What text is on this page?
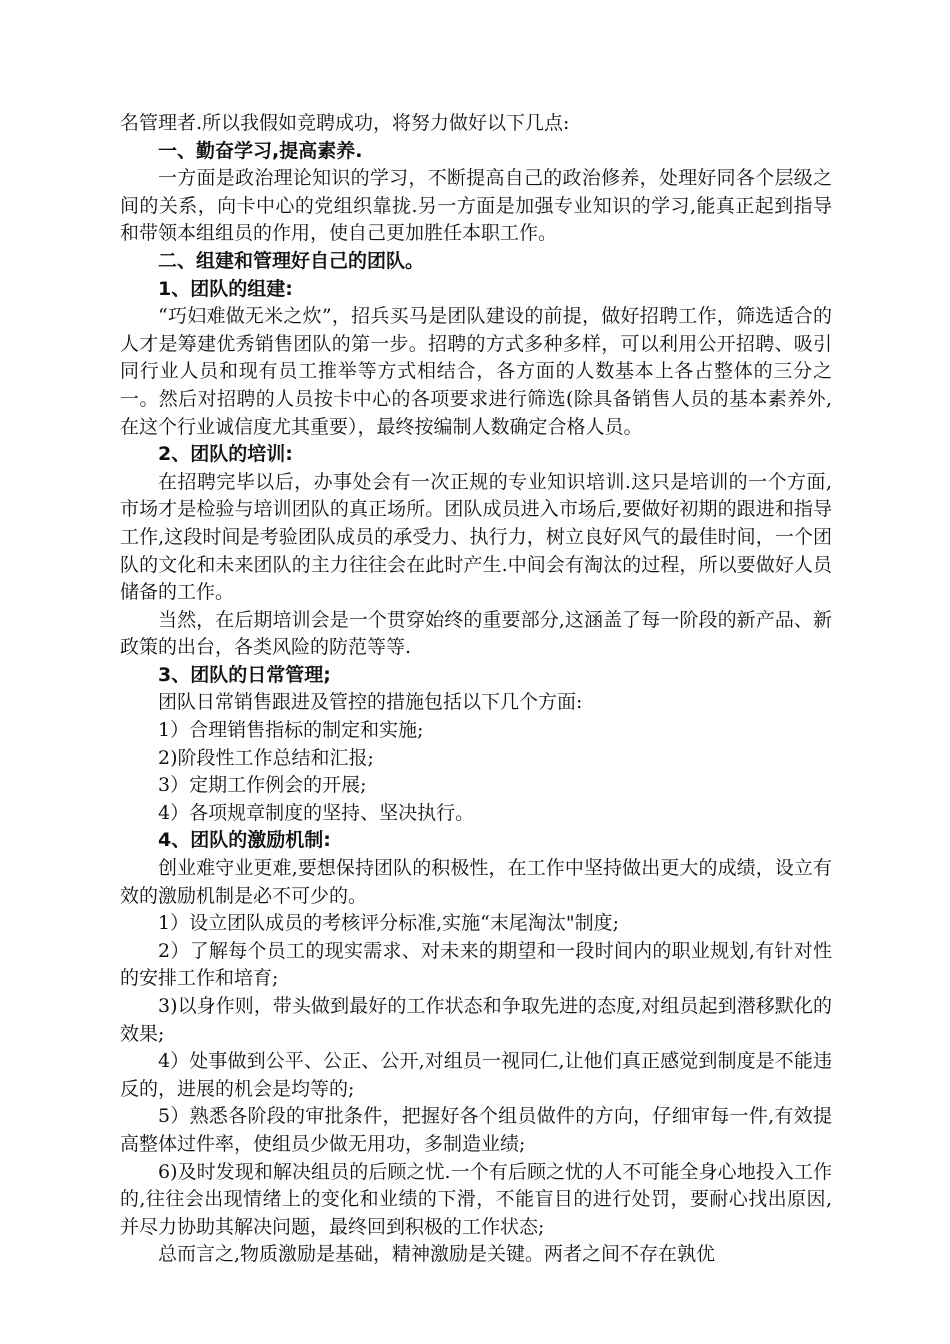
名管理者.所以我假如竞聘成功，将努力做好以下几点:

一、勤奋学习,提高素养.

一方面是政治理论知识的学习，不断提高自己的政治修养，处理好同各个层级之间的关系，向卡中心的党组织靠拢.另一方面是加强专业知识的学习,能真正起到指导和带领本组组员的作用，使自己更加胜任本职工作。

二、组建和管理好自己的团队。

1、团队的组建:

“巧妇难做无米之炊”，招兵买马是团队建设的前提，做好招聘工作，筛选适合的人才是筹建优秀销售团队的第一步。招聘的方式多种多样，可以利用公开招聘、吸引同行业人员和现有员工推举等方式相结合，各方面的人数基本上各占整体的三分之一。然后对招聘的人员按卡中心的各项要求进行筛选(除具备销售人员的基本素养外,在这个行业诚信度尤其重要），最终按编制人数确定合格人员。

2、团队的培训:

在招聘完毕以后，办事处会有一次正规的专业知识培训.这只是培训的一个方面,市场才是检验与培训团队的真正场所。团队成员进入市场后,要做好初期的跟进和指导工作,这段时间是考验团队成员的承受力、执行力，树立良好风气的最佳时间，一个团队的文化和未来团队的主力往往会在此时产生.中间会有淘汰的过程，所以要做好人员储备的工作。

当然，在后期培训会是一个贯穿始终的重要部分,这涵盖了每一阶段的新产品、新政策的出台，各类风险的防范等等.

3、团队的日常管理;

团队日常销售跟进及管控的措施包括以下几个方面:

1）合理销售指标的制定和实施;

2)阶段性工作总结和汇报;

3）定期工作例会的开展;

4）各项规章制度的坚持、坚决执行。

4、团队的激励机制:

创业难守业更难,要想保持团队的积极性，在工作中坚持做出更大的成绩，设立有效的激励机制是必不可少的。

1）设立团队成员的考核评分标准,实施“末尾淘汰"制度;

2）了解每个员工的现实需求、对未来的期望和一段时间内的职业规划,有针对性的安排工作和培育;

3)以身作则，带头做到最好的工作状态和争取先进的态度,对组员起到潜移默化的效果;

4）处事做到公平、公正、公开,对组员一视同仁,让他们真正感觉到制度是不能违反的，进展的机会是均等的;

5）熟悉各阶段的审批条件，把握好各个组员做件的方向，仔细审每一件,有效提高整体过件率，使组员少做无用功，多制造业绩;

6)及时发现和解决组员的后顾之忧.一个有后顾之忧的人不可能全身心地投入工作的,往往会出现情绪上的变化和业绩的下滑，不能盲目的进行处罚，要耐心找出原因,并尽力协助其解决问题，最终回到积极的工作状态;

总而言之,物质激励是基础，精神激励是关键。两者之间不存在孰优
